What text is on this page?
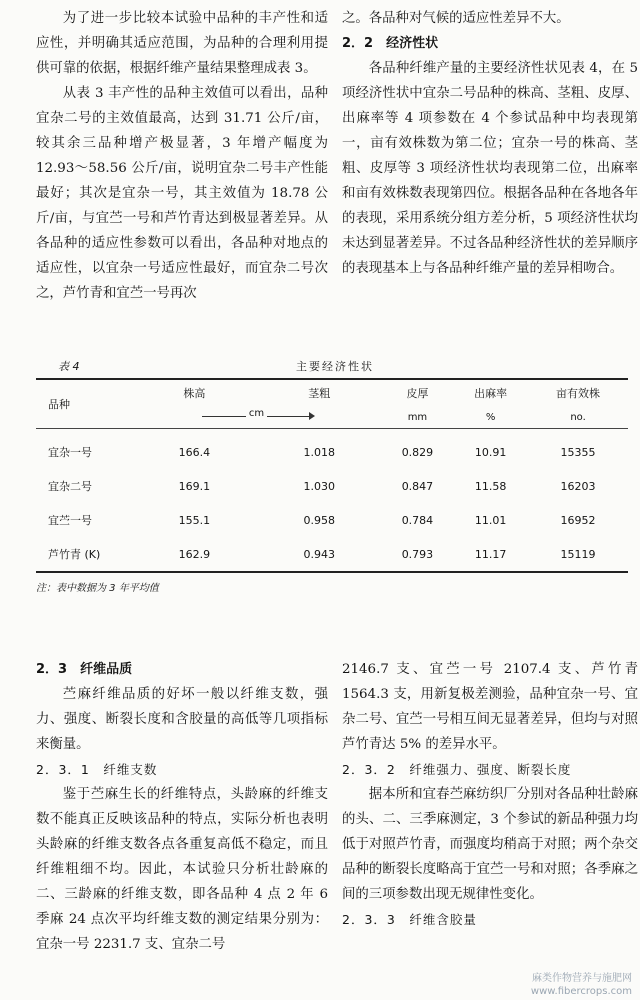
为了进一步比较本试验中品种的丰产性和适应性，并明确其适应范围，为品种的合理利用提供可靠的依据，根据纤维产量结果整理成表 3。

从表 3 丰产性的品种主效值可以看出，品种宜杂二号的主效值最高，达到 31.71 公斤/亩，较其余三品种增产极显著，3 年增产幅度为 12.93～58.56 公斤/亩，说明宜杂二号丰产性能最好；其次是宜杂一号，其主效值为 18.78 公斤/亩，与宜苎一号和芦竹青达到极显著差异。从各品种的适应性参数可以看出，各品种对地点的适应性，以宜杂一号适应性最好，而宜杂二号次之，芦竹青和宜苎一号再次

之。各品种对气候的适应性差异不大。

2．2　经济性状

各品种纤维产量的主要经济性状见表 4，在 5 项经济性状中宜杂二号品种的株高、茎粗、皮厚、出麻率等 4 项参数在 4 个参试品种中均表现第一，亩有效株数为第二位；宜杂一号的株高、茎粗、皮厚等 3 项经济性状均表现第二位，出麻率和亩有效株数表现第四位。根据各品种在各地各年的表现，采用系统分组方差分析，5 项经济性状均未达到显著差异。不过各品种经济性状的差异顺序的表现基本上与各品种纤维产量的差异相吻合。

表 4	主要经济性状
品种	株高	茎粗	皮厚	出麻率	亩有效株

	cm		mm	%	no.

宜杂一号	166.4	1.018	0.829	10.91	15355
宜杂二号	169.1	1.030	0.847	11.58	16203
宜苎一号	155.1	0.958	0.784	11.01	16952
芦竹青 (K)	162.9	0.943	0.793	11.17	15119
注：表中数据为 3 年平均值

2．3　纤维品质

苎麻纤维品质的好坏一般以纤维支数，强力、强度、断裂长度和含胶量的高低等几项指标来衡量。

2．3．1　纤维支数

鉴于苎麻生长的纤维特点，头龄麻的纤维支数不能真正反映该品种的特点，实际分析也表明头龄麻的纤维支数各点各重复高低不稳定，而且纤维粗细不均。因此，本试验只分析壮龄麻的二、三龄麻的纤维支数，即各品种 4 点 2 年 6 季麻 24 点次平均纤维支数的测定结果分别为：宜杂一号 2231.7 支、宜杂二号

2146.7 支、宜苎一号 2107.4 支、芦竹青 1564.3 支，用新复极差测验，品种宜杂一号、宜杂二号、宜苎一号相互间无显著差异，但均与对照芦竹青达 5% 的差异水平。

2．3．2　纤维强力、强度、断裂长度

据本所和宜春苎麻纺织厂分别对各品种壮龄麻的头、二、三季麻测定，3 个参试的新品种强力均低于对照芦竹青，而强度均稍高于对照；两个杂交品种的断裂长度略高于宜苎一号和对照；各季麻之间的三项参数出现无规律性变化。

2．3．3　纤维含胶量

麻类作物营养与施肥网
www.fibercrops.com
